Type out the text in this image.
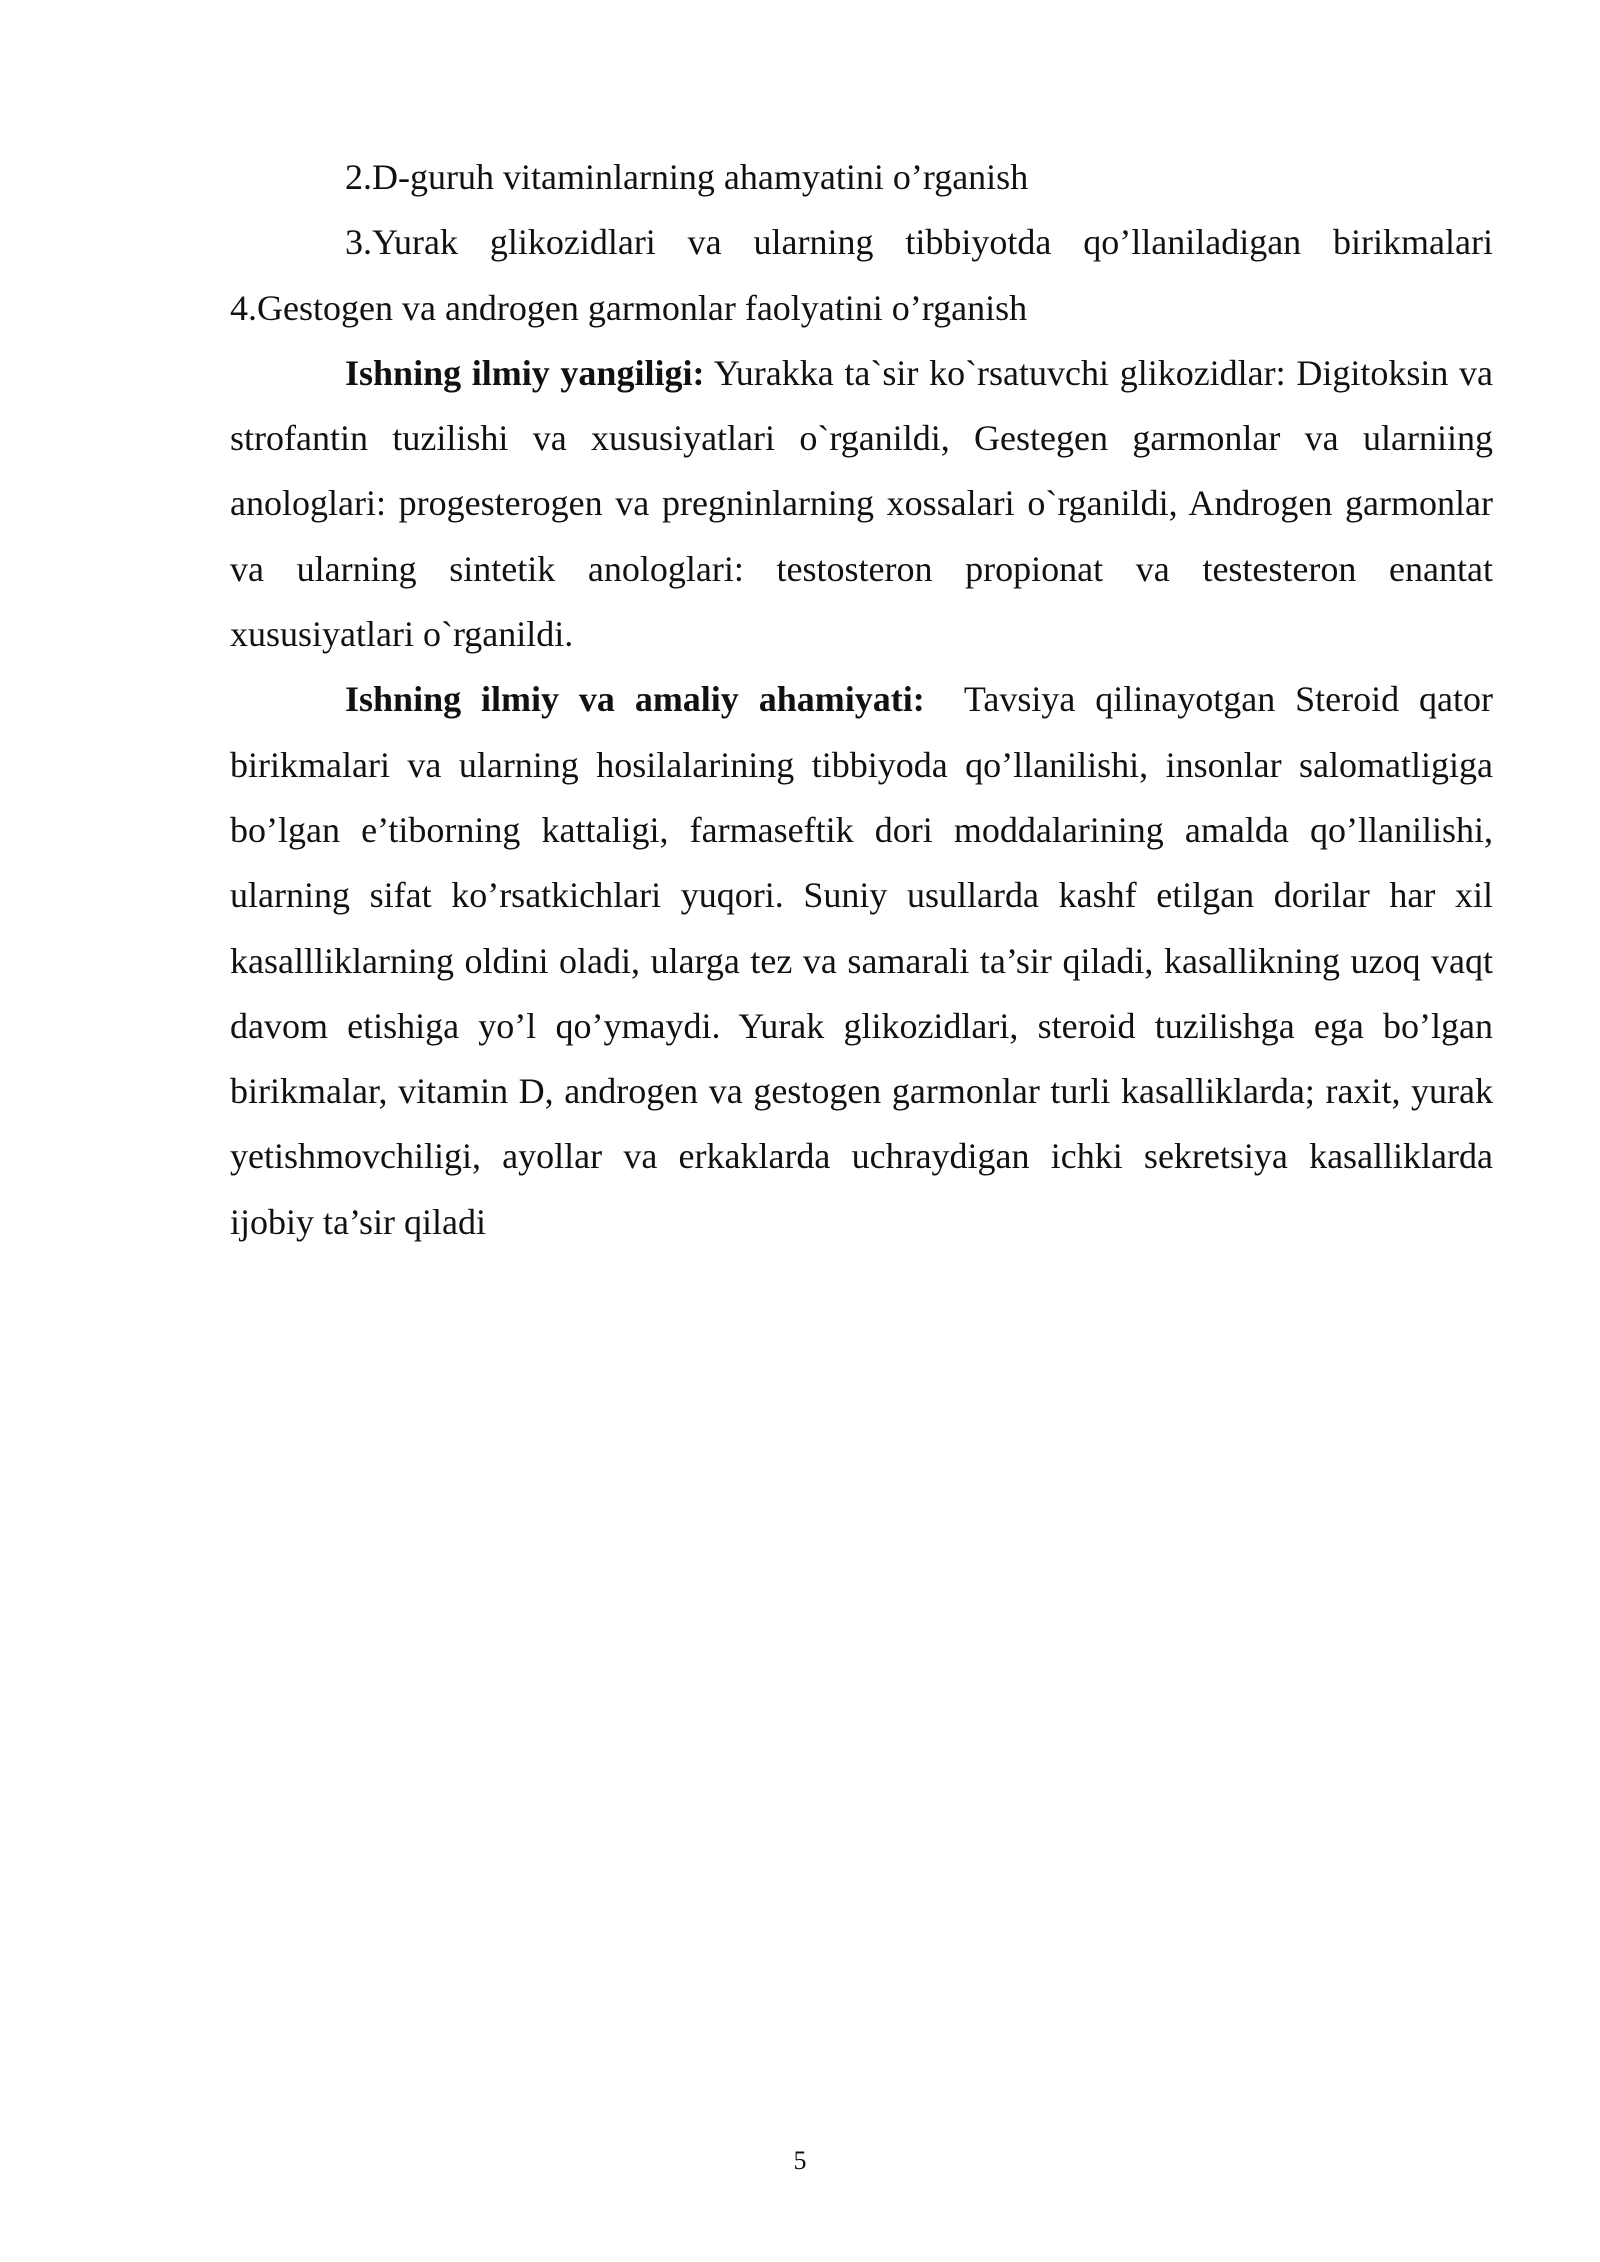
2.D-guruh vitaminlarning ahamyatini o’rganish

3.Yurak glikozidlari va ularning tibbiyotda qo’llaniladigan birikmalari

4.Gestogen va androgen garmonlar faolyatini o’rganish

Ishning ilmiy yangiligi: Yurakka ta`sir ko`rsatuvchi glikozidlar: Digitoksin va strofantin tuzilishi va xususiyatlari o`rganildi, Gestegen garmonlar va ularniing anologlari: progesterogen va pregninlarning xossalari o`rganildi, Androgen garmonlar va ularning sintetik anologlari: testosteron propionat va testesteron enantat xususiyatlari o`rganildi.

Ishning ilmiy va amaliy ahamiyati: Tavsiya qilinayotgan Steroid qator birikmalari va ularning hosilalarining tibbiyoda qo’llanilishi, insonlar salomatligiga bo’lgan e’tiborning kattaligi, farmaseftik dori moddalarining amalda qo’llanilishi, ularning sifat ko’rsatkichlari yuqori. Suniy usullarda kashf etilgan dorilar har xil kasallliklarning oldini oladi, ularga tez va samarali ta’sir qiladi, kasallikning uzoq vaqt davom etishiga yo’l qo’ymaydi. Yurak glikozidlari, steroid tuzilishga ega bo’lgan birikmalar, vitamin D, androgen va gestogen garmonlar turli kasalliklarda; raxit, yurak yetishmovchiligi, ayollar va erkaklarda uchraydigan ichki sekretsiya kasalliklarda ijobiy ta’sir qiladi

5
